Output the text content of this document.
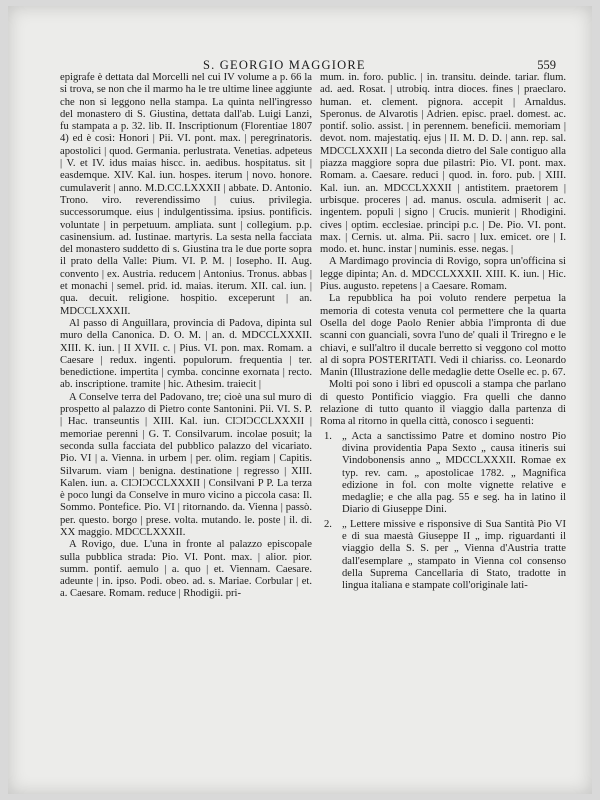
S. GEORGIO MAGGIORE	559

epigrafe è dettata dal Morcelli nel cui IV volume a p. 66 la si trova, se non che il marmo ha le tre ultime linee aggiunte che non si leggono nella stampa. La quinta nell'ingresso del monastero di S. Giustina, dettata dall'ab. Luigi Lanzi, fu stampata a p. 32. lib. II. Inscriptionum (Florentiae 1807 4) ed è così: Honori | Pii. VI. pont. max. | peregrinatoris. apostolici | quod. Germania. perlustrata. Venetias. adpeteus | V. et IV. idus maias hiscc. in. aedibus. hospitatus. sit | easdemque. XIV. Kal. iun. hospes. iterum | novo. honore. cumulaverit | anno. M.D.CC.LXXXII | abbate. D. Antonio. Trono. viro. reverendissimo | cuius. privilegia. successorumque. eius | indulgentissima. ipsius. pontificis. voluntate | in perpetuum. ampliata. sunt | collegium. p.p. casinensium. ad. Iustinae. martyris. La sesta nella facciata del monastero suddetto di s. Giustina tra le due porte sopra il prato della Valle: Pium. VI. P. M. | Iosepho. II. Aug. convento | ex. Austria. reducem | Antonius. Tronus. abbas | et monachi | semel. prid. id. maias. iterum. XII. cal. iun. | qua. decuit. religione. hospitio. exceperunt | an. MDCCLXXXII.

Al passo di Anguillara, provincia di Padova, dipinta sul muro della Canonica. D. O. M. | an. d. MDCCLXXXII. XIII. K. iun. | II XVII. c. | Pius. VI. pon. max. Romam. a Caesare | redux. ingenti. populorum. frequentia | ter. benedictione. impertita | cymba. concinne exornata | recto. ab. inscriptione. tramite | hic. Athesim. traiecit |

A Conselve terra del Padovano, tre; cioè una sul muro di prospetto al palazzo di Pietro conte Santonini. Pii. VI. S. P. | Hac. transeuntis | XIII. Kal. iun. CIƆIƆCCLXXXII | memoriae perenni | G. T. Consilvarum. incolae posuit; la seconda sulla facciata del pubblico palazzo del vicariato. Pio. VI | a. Vienna. in urbem | per. olim. regiam | Capitis. Silvarum. viam | benigna. destinatione | regresso | XIII. Kalen. iun. a. CIƆIƆCCLXXXII | Consilvani P P. La terza è poco lungi da Conselve in muro vicino a piccola casa: Il. Sommo. Pontefice. Pio. VI | ritornando. da. Vienna | passò. per. questo. borgo | prese. volta. mutando. le. poste | il. di. XX maggio. MDCCLXXXII.

A Rovigo, due. L'una in fronte al palazzo episcopale sulla pubblica strada: Pio. VI. Pont. max. | alior. pior. summ. pontif. aemulo | a. quo | et. Viennam. Caesare. adeunte | in. ipso. Podi. obeo. ad. s. Mariae. Corbular | et. a. Caesare. Romam. reduce | Rhodigii. pri-

mum. in. foro. public. | in. transitu. deinde. tariar. flum. ad. aed. Rosat. | utrobiq. intra dioces. fines | praeclaro. human. et. clement. pignora. accepit | Arnaldus. Speronus. de Alvarotis | Adrien. episc. prael. domest. ac. pontif. solio. assist. | in perennem. beneficii. memoriam | devot. nom. majestatiq. ejus | II. M. D. D. | ann. rep. sal. MDCCLXXXII | La seconda dietro del Sale contiguo alla piazza maggiore sopra due pilastri: Pio. VI. pont. max. Romam. a. Caesare. reduci | quod. in. foro. pub. | XIII. Kal. iun. an. MDCCLXXXII | antistitem. praetorem | urbisque. proceres | ad. manus. oscula. admiserit | ac. ingentem. populi | signo | Crucis. munierit | Rhodigini. cives | optim. ecclesiae. principi p.c. | De. Pio. VI. pont. max. | Cernis. ut. alma. Pii. sacro | lux. emicet. ore | I. modo. et. hunc. instar | numinis. esse. negas. |

A Mardimago provincia di Rovigo, sopra un'officina si legge dipinta; An. d. MDCCLXXXII. XIII. K. iun. | Hic. Pius. augusto. repetens | a Caesare. Romam.

La repubblica ha poi voluto rendere perpetua la memoria di cotesta venuta col permettere che la quarta Osella del doge Paolo Renier abbia l'impronta di due scanni con guanciali, sovra l'uno de' quali il Triregno e le chiavi, e sull'altro il ducale berretto si veggono col motto al di sopra POSTERITATI. Vedi il chiariss. co. Leonardo Manin (Illustrazione delle medaglie dette Oselle ec. p. 67.

Molti poi sono i libri ed opuscoli a stampa che parlano di questo Pontificio viaggio. Fra quelli che danno relazione di tutto quanto il viaggio dalla partenza di Roma al ritorno in quella città, conosco i seguenti:

1. „ Acta a sanctissimo Patre et domino nostro Pio divina providentia Papa Sexto „ causa itineris sui Vindobonensis anno „ MDCCLXXXII. Romae ex typ. rev. cam. „ apostolicae 1782. „ Magnifica edizione in fol. con molte vignette relative e medaglie; e che alla pag. 55 e seg. ha in latino il Diario di Giuseppe Dini.
2. „ Lettere missive e risponsive di Sua Santità Pio VI e di sua maestà Giuseppe II „ imp. riguardanti il viaggio della S. S. per „ Vienna d'Austria tratte dall'esemplare „ stampato in Vienna col consenso della Suprema Cancellaria di Stato, tradotte in lingua italiana e stampate coll'originale lati-
